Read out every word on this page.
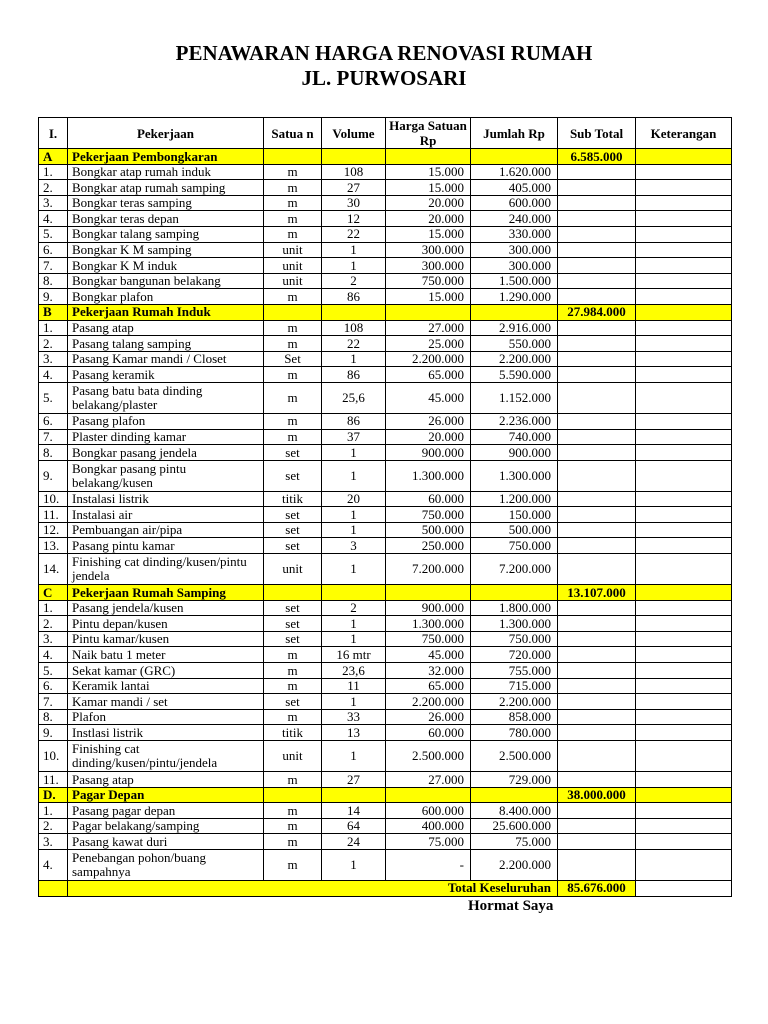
PENAWARAN HARGA RENOVASI RUMAH
JL. PURWOSARI
I.	Pekerjaan	Satua n	Volume	Harga Satuan Rp	Jumlah Rp	Sub Total	Keterangan
A	Pekerjaan Pembongkaran					6.585.000	
1.	Bongkar atap rumah induk	m	108	15.000	1.620.000		
2.	Bongkar atap rumah samping	m	27	15.000	405.000		
3.	Bongkar teras samping	m	30	20.000	600.000		
4.	Bongkar teras depan	m	12	20.000	240.000		
5.	Bongkar talang samping	m	22	15.000	330.000		
6.	Bongkar K M samping	unit	1	300.000	300.000		
7.	Bongkar K M induk	unit	1	300.000	300.000		
8.	Bongkar bangunan belakang	unit	2	750.000	1.500.000		
9.	Bongkar plafon	m	86	15.000	1.290.000		
B	Pekerjaan Rumah Induk					27.984.000	
1.	Pasang atap	m	108	27.000	2.916.000		
2.	Pasang talang samping	m	22	25.000	550.000		
3.	Pasang Kamar mandi / Closet	Set	1	2.200.000	2.200.000		
4.	Pasang keramik	m	86	65.000	5.590.000		
5.	Pasang batu bata dinding belakang/plaster	m	25,6	45.000	1.152.000		
6.	Pasang plafon	m	86	26.000	2.236.000		
7.	Plaster dinding kamar	m	37	20.000	740.000		
8.	Bongkar pasang jendela	set	1	900.000	900.000		
9.	Bongkar pasang pintu belakang/kusen	set	1	1.300.000	1.300.000		
10.	Instalasi listrik	titik	20	60.000	1.200.000		
11.	Instalasi air	set	1	750.000	150.000		
12.	Pembuangan air/pipa	set	1	500.000	500.000		
13.	Pasang pintu kamar	set	3	250.000	750.000		
14.	Finishing cat dinding/kusen/pintu jendela	unit	1	7.200.000	7.200.000		
C	Pekerjaan Rumah Samping					13.107.000	
1.	Pasang jendela/kusen	set	2	900.000	1.800.000		
2.	Pintu depan/kusen	set	1	1.300.000	1.300.000		
3.	Pintu kamar/kusen	set	1	750.000	750.000		
4.	Naik batu 1 meter	m	16 mtr	45.000	720.000		
5.	Sekat kamar (GRC)	m	23,6	32.000	755.000		
6.	Keramik lantai	m	11	65.000	715.000		
7.	Kamar mandi / set	set	1	2.200.000	2.200.000		
8.	Plafon	m	33	26.000	858.000		
9.	Instlasi listrik	titik	13	60.000	780.000		
10.	Finishing cat dinding/kusen/pintu/jendela	unit	1	2.500.000	2.500.000		
11.	Pasang atap	m	27	27.000	729.000		
D.	Pagar Depan					38.000.000	
1.	Pasang pagar depan	m	14	600.000	8.400.000		
2.	Pagar belakang/samping	m	64	400.000	25.600.000		
3.	Pasang kawat duri	m	24	75.000	75.000		
4.	Penebangan pohon/buang sampahnya	m	1	-	2.200.000		
	Total Keseluruhan					85.676.000	
Hormat Saya
